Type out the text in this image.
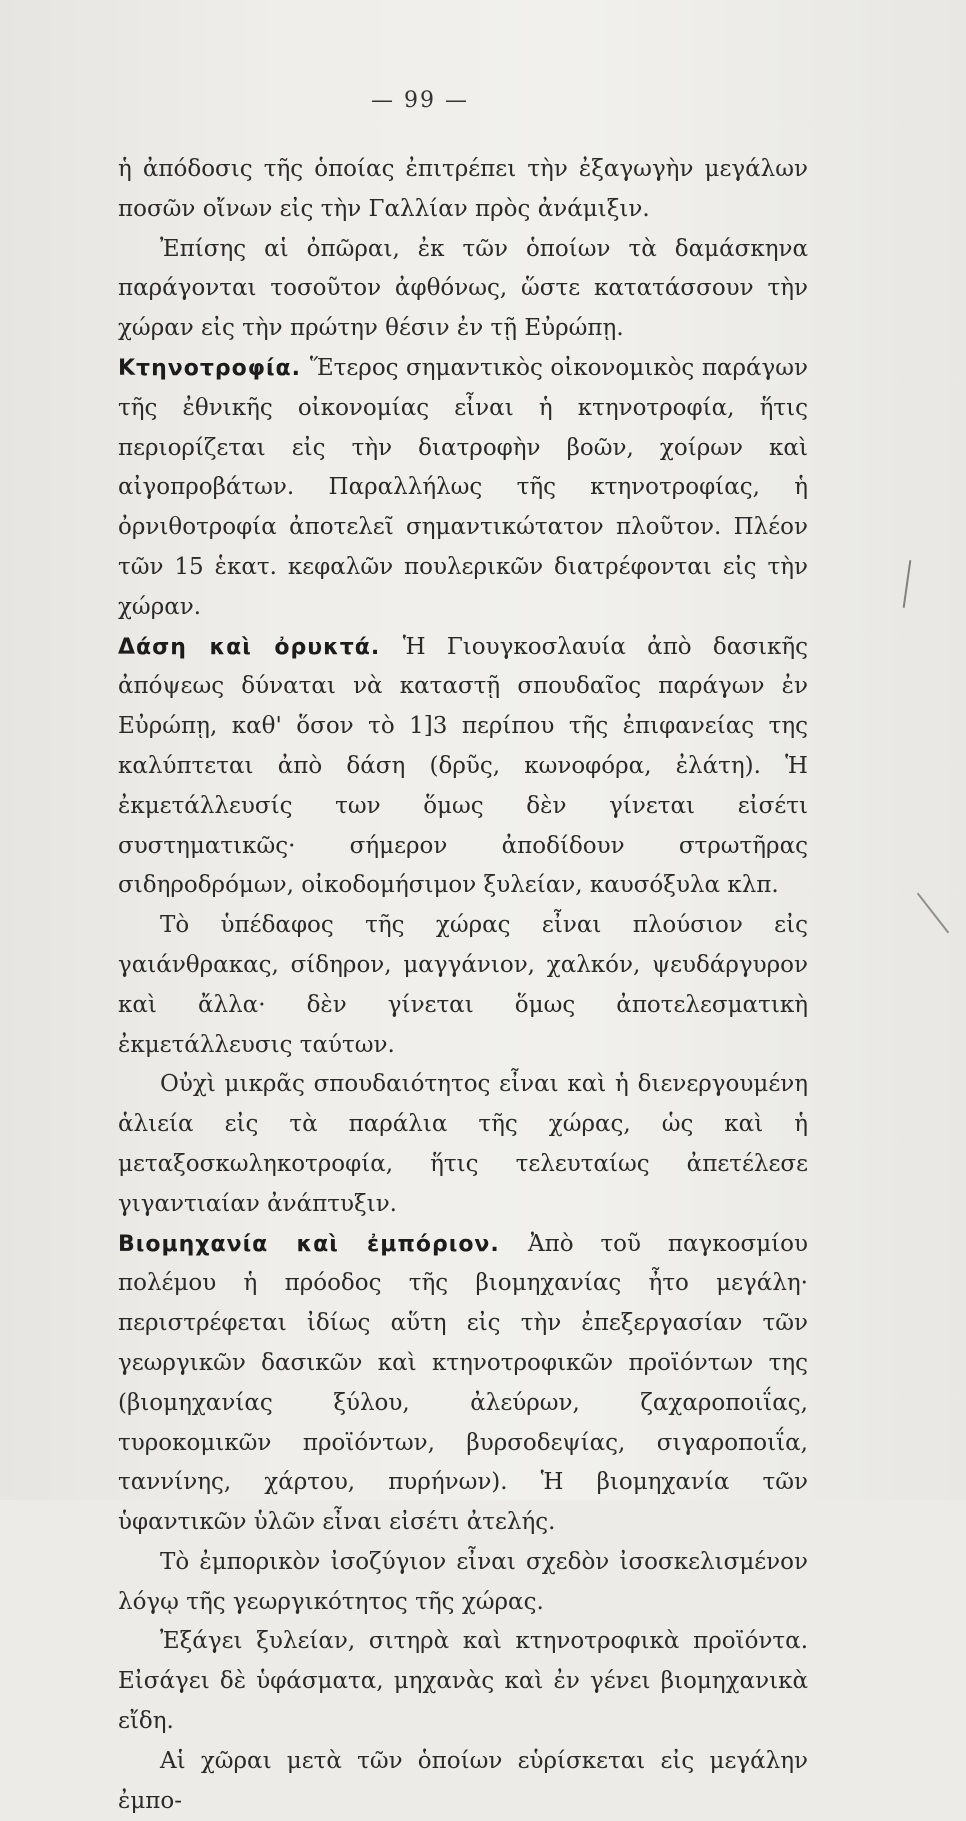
— 99 —

ἡ ἀπόδοσις τῆς ὁποίας ἐπιτρέπει τὴν ἐξαγωγὴν μεγάλων ποσῶν οἴνων εἰς τὴν Γαλλίαν πρὸς ἀνάμιξιν.

Ἐπίσης αἱ ὀπῶραι, ἐκ τῶν ὁποίων τὰ δαμάσκηνα παράγονται τοσοῦτον ἀφθόνως, ὥστε κατατάσσουν τὴν χώραν εἰς τὴν πρώτην θέσιν ἐν τῇ Εὐρώπῃ.

Κτηνοτροφία. Ἕτερος σημαντικὸς οἰκονομικὸς παράγων τῆς ἐθνικῆς οἰκονομίας εἶναι ἡ κτηνοτροφία, ἥτις περιορίζεται εἰς τὴν διατροφὴν βοῶν, χοίρων καὶ αἰγοπροβάτων. Παραλλήλως τῆς κτηνοτροφίας, ἡ ὀρνιθοτροφία ἀποτελεῖ σημαντικώτατον πλοῦτον. Πλέον τῶν 15 ἑκατ. κεφαλῶν πουλερικῶν διατρέφονται εἰς τὴν χώραν.

Δάση καὶ ὀρυκτά. Ἡ Γιουγκοσλαυία ἀπὸ δασικῆς ἀπόψεως δύναται νὰ καταστῇ σπουδαῖος παράγων ἐν Εὐρώπῃ, καθ' ὅσον τὸ 1]3 περίπου τῆς ἐπιφανείας της καλύπτεται ἀπὸ δάση (δρῦς, κωνοφόρα, ἐλάτη). Ἡ ἐκμετάλλευσίς των ὅμως δὲν γίνεται εἰσέτι συστηματικῶς· σήμερον ἀποδίδουν στρωτῆρας σιδηροδρόμων, οἰκοδομήσιμον ξυλείαν, καυσόξυλα κλπ.

Τὸ ὑπέδαφος τῆς χώρας εἶναι πλούσιον εἰς γαιάνθρακας, σίδηρον, μαγγάνιον, χαλκόν, ψευδάργυρον καὶ ἄλλα· δὲν γίνεται ὅμως ἀποτελεσματικὴ ἐκμετάλλευσις ταύτων.

Οὐχὶ μικρᾶς σπουδαιότητος εἶναι καὶ ἡ διενεργουμένη ἁλιεία εἰς τὰ παράλια τῆς χώρας, ὡς καὶ ἡ μεταξοσκωληκοτροφία, ἥτις τελευταίως ἀπετέλεσε γιγαντιαίαν ἀνάπτυξιν.

Βιομηχανία καὶ ἐμπόριον. Ἀπὸ τοῦ παγκοσμίου πολέμου ἡ πρόοδος τῆς βιομηχανίας ἦτο μεγάλη· περιστρέφεται ἰδίως αὕτη εἰς τὴν ἐπεξεργασίαν τῶν γεωργικῶν δασικῶν καὶ κτηνοτροφικῶν προϊόντων της (βιομηχανίας ξύλου, ἀλεύρων, ζαχαροποιΐας, τυροκομικῶν προϊόντων, βυρσοδεψίας, σιγαροποιΐα, ταννίνης, χάρτου, πυρήνων). Ἡ βιομηχανία τῶν ὑφαντικῶν ὑλῶν εἶναι εἰσέτι ἀτελής.

Τὸ ἐμπορικὸν ἰσοζύγιον εἶναι σχεδὸν ἰσοσκελισμένον λόγῳ τῆς γεωργικότητος τῆς χώρας.

Ἐξάγει ξυλείαν, σιτηρὰ καὶ κτηνοτροφικὰ προϊόντα. Εἰσάγει δὲ ὑφάσματα, μηχανὰς καὶ ἐν γένει βιομηχανικὰ εἴδη.

Αἱ χῶραι μετὰ τῶν ὁποίων εὑρίσκεται εἰς μεγάλην ἐμπο-
